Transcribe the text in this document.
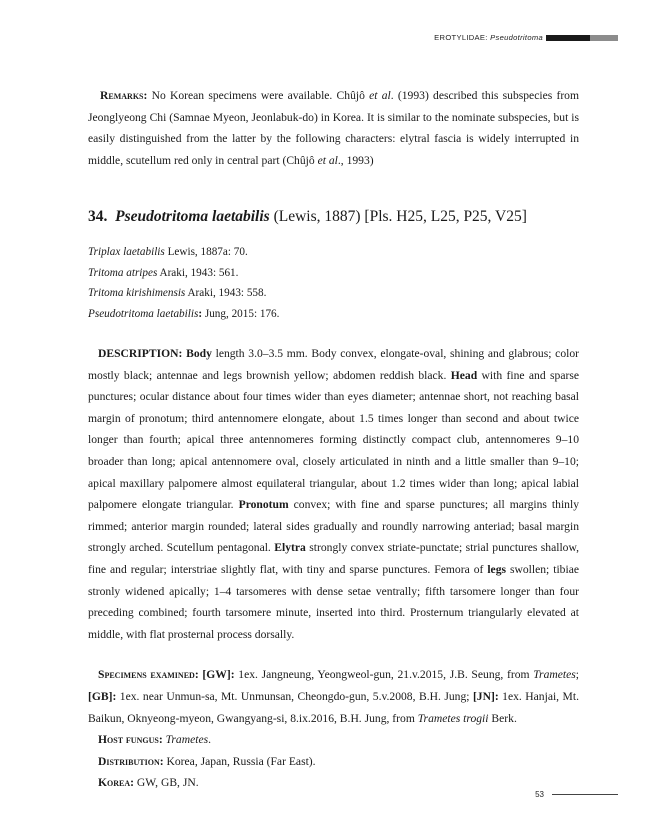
EROTYLIDAE: Pseudotritoma

Remarks: No Korean specimens were available. Chûjô et al. (1993) described this subspecies from Jeonglyeong Chi (Samnae Myeon, Jeonlabuk-do) in Korea. It is similar to the nominate subspecies, but is easily distinguished from the latter by the following characters: elytral fascia is widely interrupted in middle, scutellum red only in central part (Chûjô et al., 1993)

34. Pseudotritoma laetabilis (Lewis, 1887) [Pls. H25, L25, P25, V25]

Triplax laetabilis Lewis, 1887a: 70.

Tritoma atripes Araki, 1943: 561.

Tritoma kirishimensis Araki, 1943: 558.

Pseudotritoma laetabilis: Jung, 2015: 176.

DESCRIPTION: Body length 3.0–3.5 mm. Body convex, elongate-oval, shining and glabrous; color mostly black; antennae and legs brownish yellow; abdomen reddish black. Head with fine and sparse punctures; ocular distance about four times wider than eyes diameter; antennae short, not reaching basal margin of pronotum; third antennomere elongate, about 1.5 times longer than second and about twice longer than fourth; apical three antennomeres forming distinctly compact club, antennomeres 9–10 broader than long; apical antennomere oval, closely articulated in ninth and a little smaller than 9–10; apical maxillary palpomere almost equilateral triangular, about 1.2 times wider than long; apical labial palpomere elongate triangular. Pronotum convex; with fine and sparse punctures; all margins thinly rimmed; anterior margin rounded; lateral sides gradually and roundly narrowing anteriad; basal margin strongly arched. Scutellum pentagonal. Elytra strongly convex striate-punctate; strial punctures shallow, fine and regular; interstriae slightly flat, with tiny and sparse punctures. Femora of legs swollen; tibiae stronly widened apically; 1–4 tarsomeres with dense setae ventrally; fifth tarsomere longer than four preceding combined; fourth tarsomere minute, inserted into third. Prosternum triangularly elevated at middle, with flat prosternal process dorsally.

Specimens examined: [GW]: 1ex. Jangneung, Yeongweol-gun, 21.v.2015, J.B. Seung, from Trametes; [GB]: 1ex. near Unmun-sa, Mt. Unmunsan, Cheongdo-gun, 5.v.2008, B.H. Jung; [JN]: 1ex. Hanjai, Mt. Baikun, Oknyeong-myeon, Gwangyang-si, 8.ix.2016, B.H. Jung, from Trametes trogii Berk.

Host fungus: Trametes.

Distribution: Korea, Japan, Russia (Far East).

Korea: GW, GB, JN.

53
